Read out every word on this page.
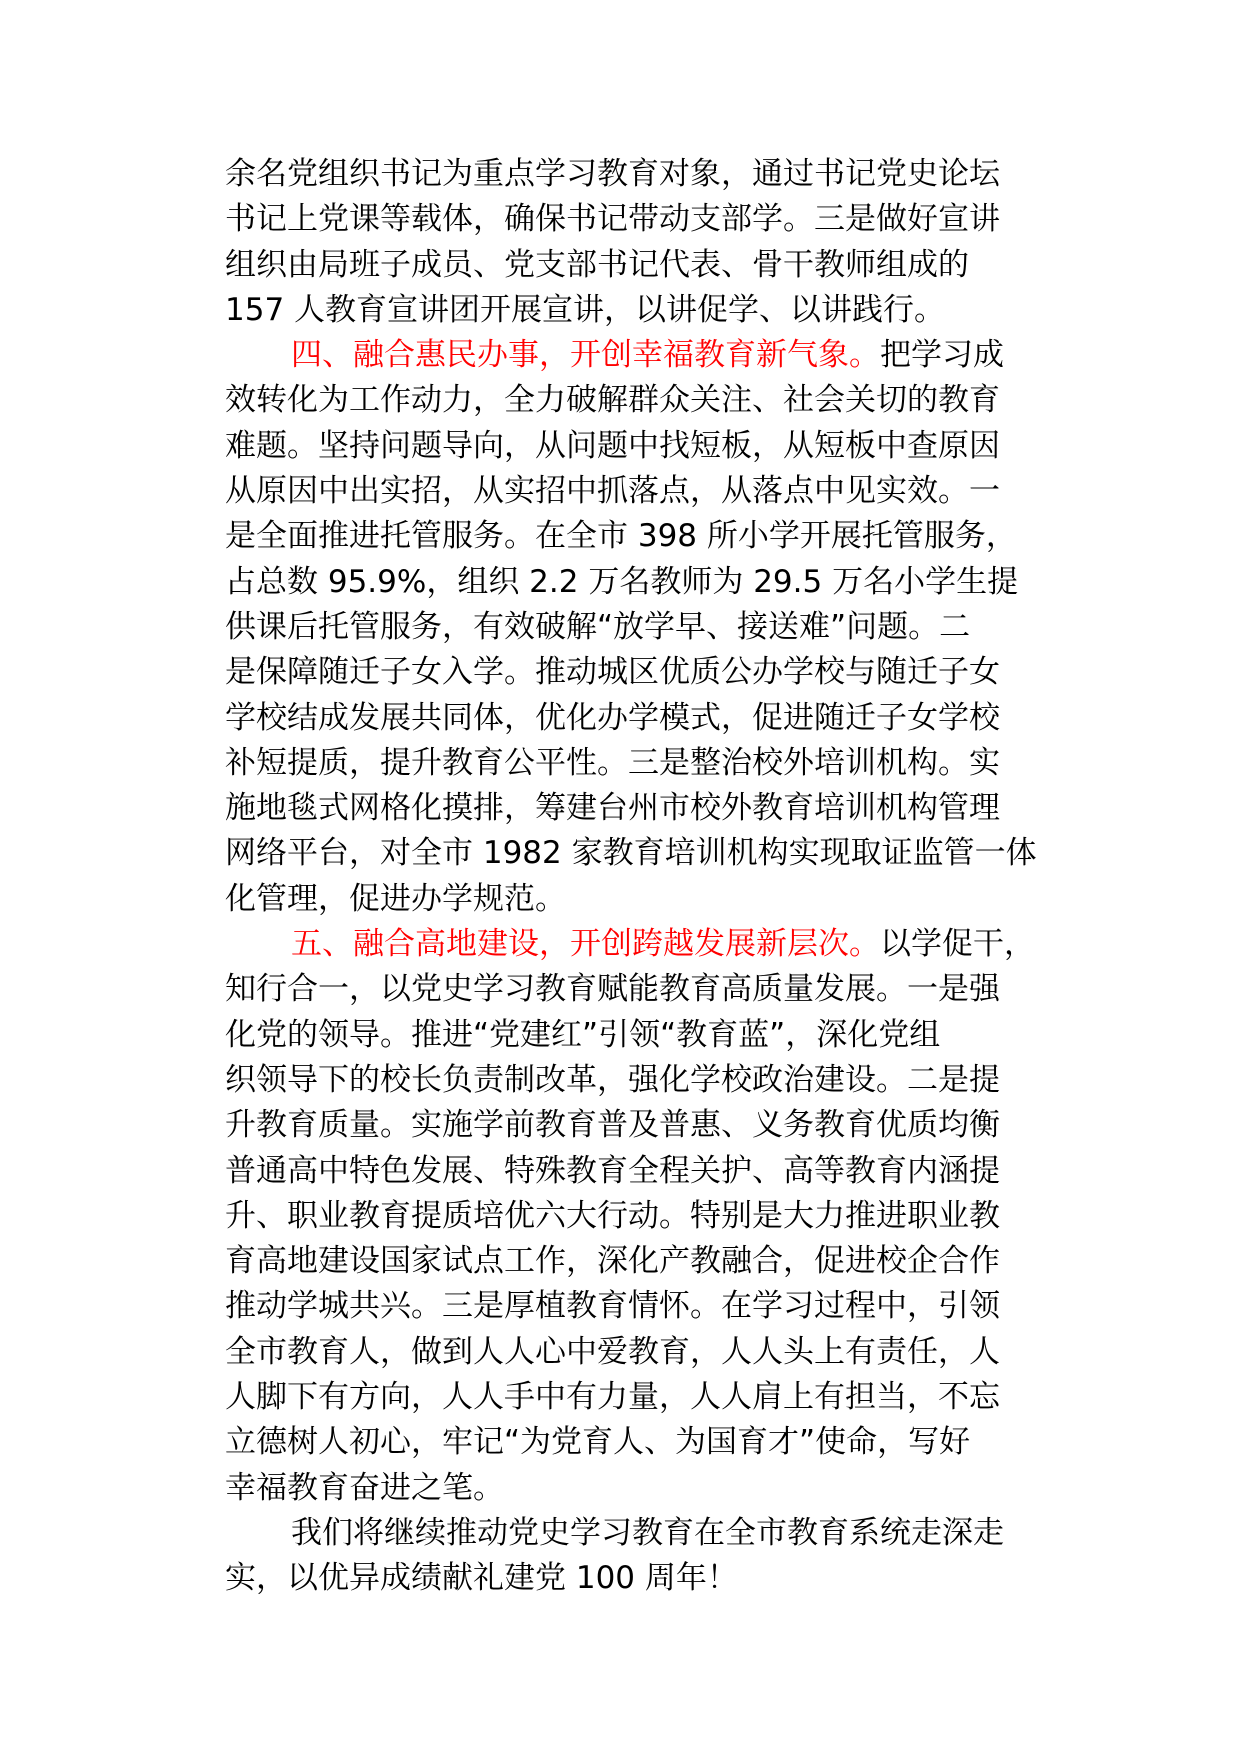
余名党组织书记为重点学习教育对象，通过书记党史论坛
书记上党课等载体，确保书记带动支部学。三是做好宣讲
组织由局班子成员、党支部书记代表、骨干教师组成的
157 人教育宣讲团开展宣讲，以讲促学、以讲践行。
四、融合惠民办事，开创幸福教育新气象。把学习成
效转化为工作动力，全力破解群众关注、社会关切的教育
难题。坚持问题导向，从问题中找短板，从短板中查原因
从原因中出实招，从实招中抓落点，从落点中见实效。一
是全面推进托管服务。在全市 398 所小学开展托管服务，
占总数 95.9%，组织 2.2 万名教师为 29.5 万名小学生提
供课后托管服务，有效破解“放学早、接送难”问题。二
是保障随迁子女入学。推动城区优质公办学校与随迁子女
学校结成发展共同体，优化办学模式，促进随迁子女学校
补短提质，提升教育公平性。三是整治校外培训机构。实
施地毯式网格化摸排，筹建台州市校外教育培训机构管理
网络平台，对全市 1982 家教育培训机构实现取证监管一体
化管理，促进办学规范。
五、融合高地建设，开创跨越发展新层次。以学促干，
知行合一，以党史学习教育赋能教育高质量发展。一是强
化党的领导。推进“党建红”引领“教育蓝”，深化党组
织领导下的校长负责制改革，强化学校政治建设。二是提
升教育质量。实施学前教育普及普惠、义务教育优质均衡
普通高中特色发展、特殊教育全程关护、高等教育内涵提
升、职业教育提质培优六大行动。特别是大力推进职业教
育高地建设国家试点工作，深化产教融合，促进校企合作
推动学城共兴。三是厚植教育情怀。在学习过程中，引领
全市教育人，做到人人心中爱教育，人人头上有责任，人
人脚下有方向，人人手中有力量，人人肩上有担当，不忘
立德树人初心，牢记“为党育人、为国育才”使命，写好
幸福教育奋进之笔。
我们将继续推动党史学习教育在全市教育系统走深走
实，以优异成绩献礼建党 100 周年！
